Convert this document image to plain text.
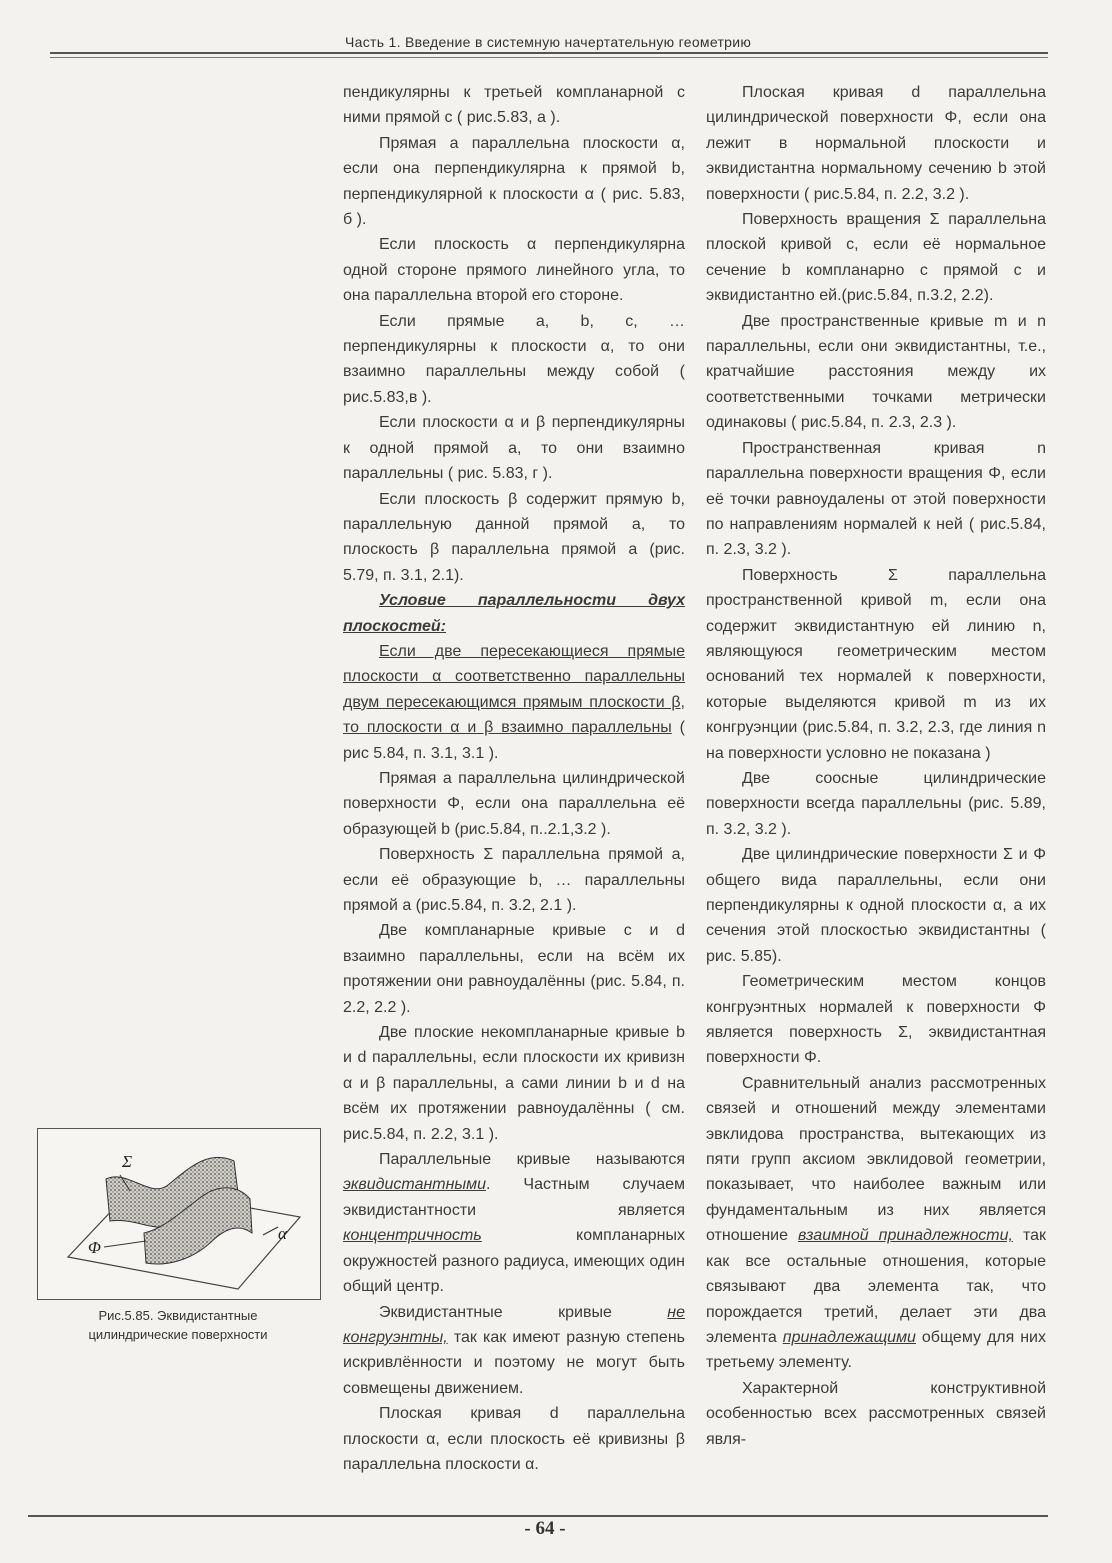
Часть 1. Введение в системную начертательную геометрию

пендикулярны к третьей компланарной с ними прямой с ( рис.5.83, а ).

Прямая а параллельна плоскости α, если она перпендикулярна к прямой b, перпендикулярной к плоскости α ( рис. 5.83, б ).

Если плоскость α перпендикулярна одной стороне прямого линейного угла, то она параллельна второй его стороне.

Если прямые a, b, c, … перпендикулярны к плоскости α, то они взаимно параллельны между собой ( рис.5.83,в ).

Если плоскости α и β перпендикулярны к одной прямой а, то они взаимно параллельны ( рис. 5.83, г ).

Если плоскость β содержит прямую b, параллельную данной прямой а, то плоскость β параллельна прямой а (рис. 5.79, п. 3.1, 2.1).

Условие параллельности двух плоскостей:

Если две пересекающиеся прямые плоскости α соответственно параллельны двум пересекающимся прямым плоскости β, то плоскости α и β взаимно параллельны ( рис 5.84, п. 3.1, 3.1 ).

Прямая а параллельна цилиндрической поверхности Φ, если она параллельна её образующей b (рис.5.84, п..2.1,3.2 ).

Поверхность Σ параллельна прямой а, если её образующие b, … параллельны прямой а (рис.5.84, п. 3.2, 2.1 ).

Две компланарные кривые с и d взаимно параллельны, если на всём их протяжении они равноудалённы (рис. 5.84, п. 2.2, 2.2 ).

Две плоские некомпланарные кривые b и d параллельны, если плоскости их кривизн α и β параллельны, а сами линии b и d на всём их протяжении равноудалённы ( см. рис.5.84, п. 2.2, 3.1 ).

Параллельные кривые называются эквидистантными. Частным случаем эквидистантности является концентричность компланарных окружностей разного радиуса, имеющих один общий центр.

Эквидистантные кривые не конгруэнтны, так как имеют разную степень искривлённости и поэтому не могут быть совмещены движением.

Плоская кривая d параллельна плоскости α, если плоскость её кривизны β параллельна плоскости α.

Плоская кривая d параллельна цилиндрической поверхности Φ, если она лежит в нормальной плоскости и эквидистантна нормальному сечению b этой поверхности ( рис.5.84, п. 2.2, 3.2 ).

Поверхность вращения Σ параллельна плоской кривой с, если её нормальное сечение b компланарно с прямой с и эквидистантно ей.(рис.5.84, п.3.2, 2.2).

Две пространственные кривые m и n параллельны, если они эквидистантны, т.е., кратчайшие расстояния между их соответственными точками метрически одинаковы ( рис.5.84, п. 2.3, 2.3 ).

Пространственная кривая n параллельна поверхности вращения Φ, если её точки равноудалены от этой поверхности по направлениям нормалей к ней ( рис.5.84, п. 2.3, 3.2 ).

Поверхность Σ параллельна пространственной кривой m, если она содержит эквидистантную ей линию n, являющуюся геометрическим местом оснований тех нормалей к поверхности, которые выделяются кривой m из их конгруэнции (рис.5.84, п. 3.2, 2.3, где линия n на поверхности условно не показана )

Две соосные цилиндрические поверхности всегда параллельны (рис. 5.89, п. 3.2, 3.2 ).

Две цилиндрические поверхности Σ и Φ общего вида параллельны, если они перпендикулярны к одной плоскости α, а их сечения этой плоскостью эквидистантны ( рис. 5.85).

Геометрическим местом концов конгруэнтных нормалей к поверхности Φ является поверхность Σ, эквидистантная поверхности Φ.

Сравнительный анализ рассмотренных связей и отношений между элементами эвклидова пространства, вытекающих из пяти групп аксиом эвклидовой геометрии, показывает, что наиболее важным или фундаментальным из них является отношение взаимной принадлежности, так как все остальные отношения, которые связывают два элемента так, что порождается третий, делает эти два элемента принадлежащими общему для них третьему элементу.

Характерной конструктивной особенностью всех рассмотренных связей явля-

Σ
Φ
α
Рис.5.85. Эквидистантные
цилиндрические поверхности
- 64 -
